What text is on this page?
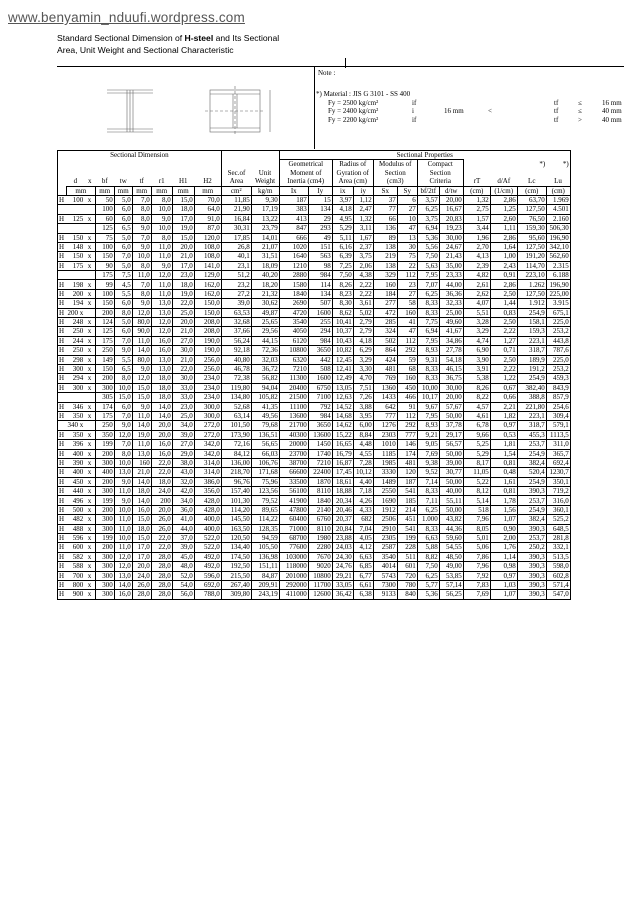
www.benyamin_nduufi.wordpress.com
Standard Sectional Dimension of H-steel and Its Sectional
Area, Unit Weight and Sectional Characteristic
Note :
*) Material : JIS G 3101 - SS 400
Fy = 2500 kg/cm²	if	tf	≤	16 mm
Fy = 2400 kg/cm²	i	16 mm	<	tf	≤	40 mm
Fy = 2200 kg/cm²	if	tf	>	40 mm
Sectional Dimension											Sectional Properties											
											Geometrical		Radius of		Modulus of		Compact				*)	*)
									Sec.of	Unit	Moment of		Gyration of		Section		Section					
	d	x	bf	tw	tf	r1	H1	H2	Area	Weight	Inertia (cm4)		Area (cm)		(cm3)		Criteria		rT	d/Af	Lc	Lu
	mm		mm	mm	mm	mm	mm	mm	cm²	kg/m	Ix	Iy	ix	iy	Sx	Sy	bf/2tf	d/tw	(cm)	(1/cm)	(cm)	(cm)
H	100	x	50	5,0	7,0	8,0	15,0	70,0	11,85	9,30	187	15	3,97	1,12	37	6	3,57	20,00	1,32	2,86	63,70	1.969
			100	6,0	8,0	10,0	18,0	64,0	21,90	17,19	383	134	4,18	2,47	77	27	6,25	16,67	2,75	1,25	127,50	4.501
H	125	x	60	6,0	8,0	9,0	17,0	91,0	16,84	13,22	413	29	4,95	1,32	66	10	3,75	20,83	1,57	2,60	76,50	2.160
			125	6,5	9,0	10,0	19,0	87,0	30,31	23,79	847	293	5,29	3,11	136	47	6,94	19,23	3,44	1,11	159,30	506,30
H	150	x	75	5,0	7,0	8,0	15,0	120,0	17,85	14,01	666	49	5,11	1,67	89	13	5,36	30,00	1,96	2,86	95,60	196,90
H	148	x	100	6,0	9,0	11,0	20,0	108,0	26,8	21,07	1020	151	6,16	2,37	138	30	5,56	24,67	2,70	1,64	127,50	342,10
H	150	x	150	7,0	10,0	11,0	21,0	108,0	40,1	31,51	1640	563	6,39	3,75	219	75	7,50	21,43	4,13	1,00	191,20	562,60
H	175	x	90	5,0	8,0	9,0	17,0	141,0	23,1	18,09	1210	98	7,25	2,06	138	22	5,63	35,00	2,39	2,43	114,70	2.315
			175	7,5	11,0	12,0	23,0	129,0	51,2	40,20	2880	984	7,50	4,38	329	112	7,95	23,33	4,82	0,91	223,10	6.188
H	198	x	99	4,5	7,0	11,0	18,0	162,0	23,2	18,20	1580	114	8,26	2,22	160	23	7,07	44,00	2,61	2,86	1.262	196,90
H	200	x	100	5,5	8,0	11,0	19,0	162,0	27,2	21,32	1840	134	8,23	2,22	184	27	6,25	36,36	2,62	2,50	127,50	225,00
H	194	x	150	6,0	9,0	13,0	22,0	150,0	39,0	30,62	2690	507	8,30	3,61	277	58	8,33	32,33	4,07	1,44	1.912	3.915
H	200 x		200	8,0	12,0	13,0	25,0	150,0	63,53	49,87	4720	1600	8,62	5,02	472	160	8,33	25,00	5,51	0,83	254,9	675,1
H	248	x	124	5,0	80,0	12,0	20,0	208,0	32,68	25,65	3540	255	10,41	2,79	285	41	7,75	49,60	3,28	2,50	158,1	225,0
H	250	x	125	6,0	90,0	12,0	21,0	208,0	37,66	29,56	4050	294	10,37	2,79	324	47	6,94	41,67	3,29	2,22	159,3	253,2
H	244	x	175	7,0	11,0	16,0	27,0	190,0	56,24	44,15	6120	984	10,43	4,18	502	112	7,95	34,86	4,74	1,27	223,1	443,8
H	250	x	250	9,0	14,0	16,0	30,0	190,0	92,18	72,36	10800	3650	10,82	6,29	864	292	8,93	27,78	6,90	0,71	318,7	787,6
H	298	x	149	5,5	80,0	13,0	21,0	256,0	40,80	32,03	6320	442	12,45	3,29	424	59	9,31	54,18	3,90	2,50	189,9	225,0
H	300	x	150	6,5	9,0	13,0	22,0	256,0	46,78	36,72	7210	508	12,41	3,30	481	68	8,33	46,15	3,91	2,22	191,2	253,2
H	294	x	200	8,0	12,0	18,0	30,0	234,0	72,38	56,82	11300	1600	12,49	4,70	769	160	8,33	36,75	5,38	1,22	254,9	459,3
H	300	x	300	10,0	15,0	18,0	33,0	234,0	119,80	94,04	20400	6750	13,05	7,51	1360	450	10,00	30,00	8,26	0,67	382,40	843,9
			305	15,0	15,0	18,0	33,0	234,0	134,80	105,82	21500	7100	12,63	7,26	1433	466	10,17	20,00	8,22	0,66	388,8	857,9
H	346	x	174	6,0	9,0	14,0	23,0	300,0	52,68	41,35	11100	792	14,52	3,88	642	91	9,67	57,67	4,57	2,21	221,80	254,6
H	350	x	175	7,0	11,0	14,0	25,0	300,0	63,14	49,56	13600	984	14,68	3,95	777	112	7,95	50,00	4,61	1,82	223,1	309,4
	340 x		250	9,0	14,0	20,0	34,0	272,0	101,50	79,68	21700	3650	14,62	6,00	1276	292	8,93	37,78	6,78	0,97	318,7	579,1
H	350	x	350	12,0	19,0	20,0	39,0	272,0	173,90	136,51	40300	13600	15,22	8,84	2303	777	9,21	29,17	9,66	0,53	455,3	1113,5
H	396	x	199	7,0	11,0	16,0	27,0	342,0	72,16	56,65	20000	1450	16,65	4,48	1010	146	9,05	56,57	5,25	1,81	253,7	311,0
H	400	x	200	8,0	13,0	16,0	29,0	342,0	84,12	66,03	23700	1740	16,79	4,55	1185	174	7,69	50,00	5,29	1,54	254,9	365,7
H	390	x	300	10,0	160	22,0	38,0	314,0	136,00	106,76	38700	7210	16,87	7,28	1985	481	9,38	39,00	8,17	0,81	382,4	692,4
H	400	x	400	13,0	21,0	22,0	43,0	314,0	218,70	171,68	66600	22400	17,45	10,12	3330	120	9,52	30,77	11,05	0,48	520,4	1230,7
H	450	x	200	9,0	14,0	18,0	32,0	386,0	96,76	75,96	33500	1870	18,61	4,40	1489	187	7,14	50,00	5,22	1,61	254,9	350,1
H	440	x	300	11,0	18,0	24,0	42,0	356,0	157,40	123,56	56100	8110	18,88	7,18	2550	541	8,33	40,00	8,12	0,81	390,3	719,2
H	496	x	199	9,0	14,0	200	34,0	428,0	101,30	79,52	41900	1840	20,34	4,26	1690	185	7,11	55,11	5,14	1,78	253,7	316,0
H	500	x	200	10,0	16,0	20,0	36,0	428,0	114,20	89,65	47800	2140	20,46	4,33	1912	214	6,25	50,00	518	1,56	254,9	360,1
H	482	x	300	11,0	15,0	26,0	41,0	400,0	145,50	114,22	60400	6760	20,37	682	2506	451	1.000	43,82	7,96	1,07	382,4	525,2
H	488	x	300	11,0	18,0	26,0	44,0	400,0	163,50	128,35	71000	8110	20,84	7,04	2910	541	8,33	44,36	8,05	0,90	390,3	648,5
H	596	x	199	10,0	15,0	22,0	37,0	522,0	120,50	94,59	68700	1980	23,88	4,05	2305	199	6,63	59,60	5,01	2,00	253,7	281,8
H	600	x	200	11,0	17,0	22,0	39,0	522,0	134,40	105,50	77600	2280	24,03	4,12	2587	228	5,88	54,55	5,06	1,76	250,2	332,1
H	582	x	300	12,0	17,0	28,0	45,0	492,0	174,50	136,98	103000	7670	24,30	6,63	3540	511	8,82	48,50	7,86	1,14	390,3	513,5
H	588	x	300	12,0	20,0	28,0	48,0	492,0	192,50	151,11	118000	9020	24,76	6,85	4014	601	7,50	49,00	7,96	0,98	390,3	598,0
H	700	x	300	13,0	24,0	28,0	52,0	596,0	215,50	84,87	201000	10800	29,21	6,77	5743	720	6,25	53,85	7,92	0,97	390,3	602,8
H	800	x	300	14,0	26,0	28,0	54,0	692,0	267,40	209,91	292000	11700	33,05	6,61	7300	780	5,77	57,14	7,83	1,03	390,3	571,4
H	900	x	300	16,0	28,0	28,0	56,0	788,0	309,80	243,19	411000	12600	36,42	6,38	9133	840	5,36	56,25	7,69	1,07	390,3	547,0
